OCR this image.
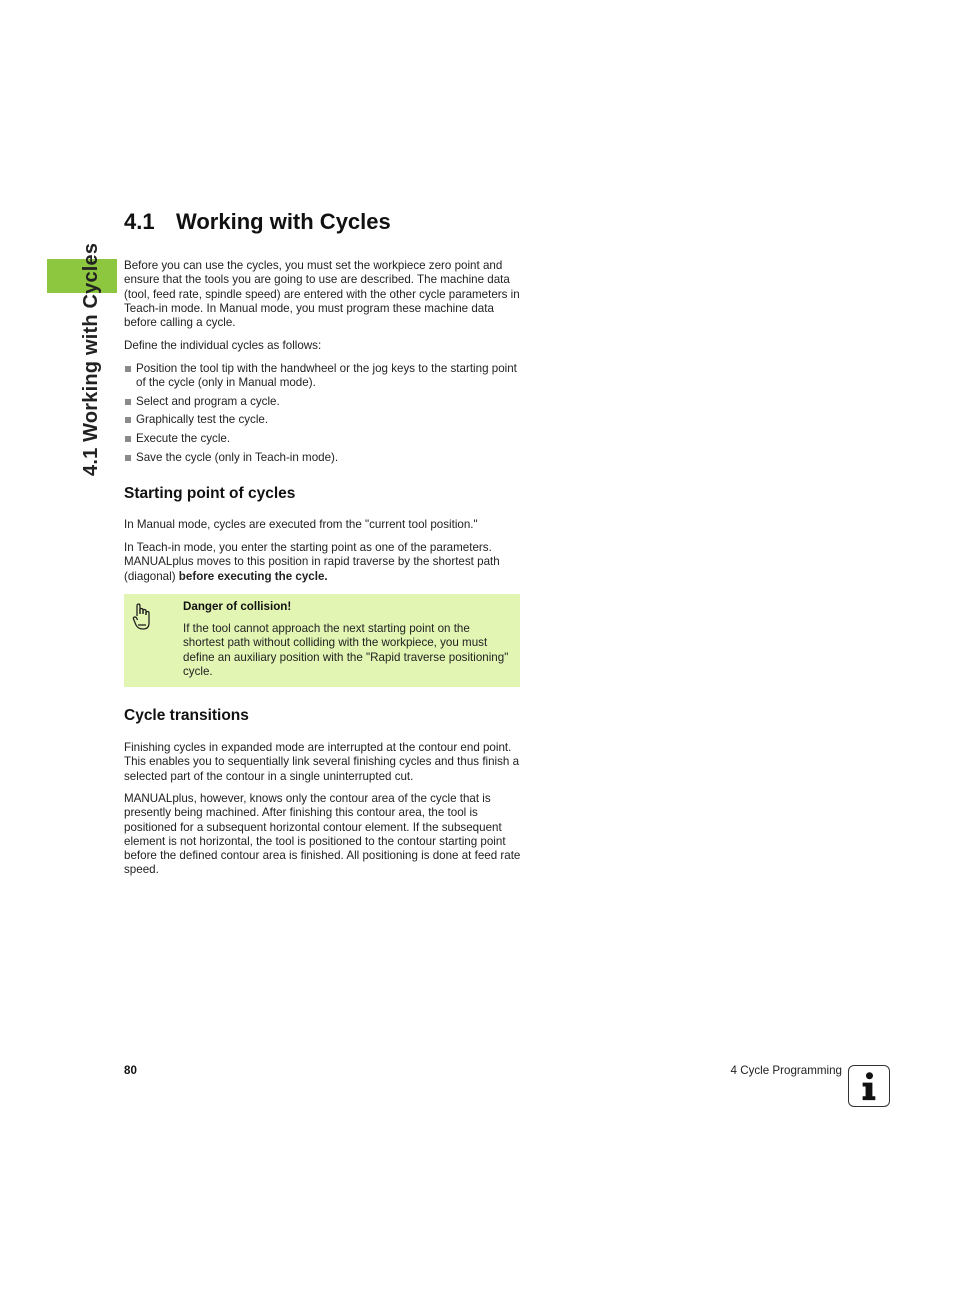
4.1 Working with Cycles
4.1 Working with Cycles

Before you can use the cycles, you must set the workpiece zero point and ensure that the tools you are going to use are described. The machine data (tool, feed rate, spindle speed) are entered with the other cycle parameters in Teach-in mode. In Manual mode, you must program these machine data before calling a cycle.

Define the individual cycles as follows:

Position the tool tip with the handwheel or the jog keys to the starting point of the cycle (only in Manual mode).
Select and program a cycle.
Graphically test the cycle.
Execute the cycle.
Save the cycle (only in Teach-in mode).
Starting point of cycles

In Manual mode, cycles are executed from the "current tool position."

In Teach-in mode, you enter the starting point as one of the parameters. MANUALplus moves to this position in rapid traverse by the shortest path (diagonal) before executing the cycle.

Danger of collision!
If the tool cannot approach the next starting point on the shortest path without colliding with the workpiece, you must define an auxiliary position with the "Rapid traverse positioning" cycle.
Cycle transitions

Finishing cycles in expanded mode are interrupted at the contour end point. This enables you to sequentially link several finishing cycles and thus finish a selected part of the contour in a single uninterrupted cut.

MANUALplus, however, knows only the contour area of the cycle that is presently being machined. After finishing this contour area, the tool is positioned for a subsequent horizontal contour element. If the subsequent element is not horizontal, the tool is positioned to the contour starting point before the defined contour area is finished. All positioning is done at feed rate speed.

80	4 Cycle Programming
